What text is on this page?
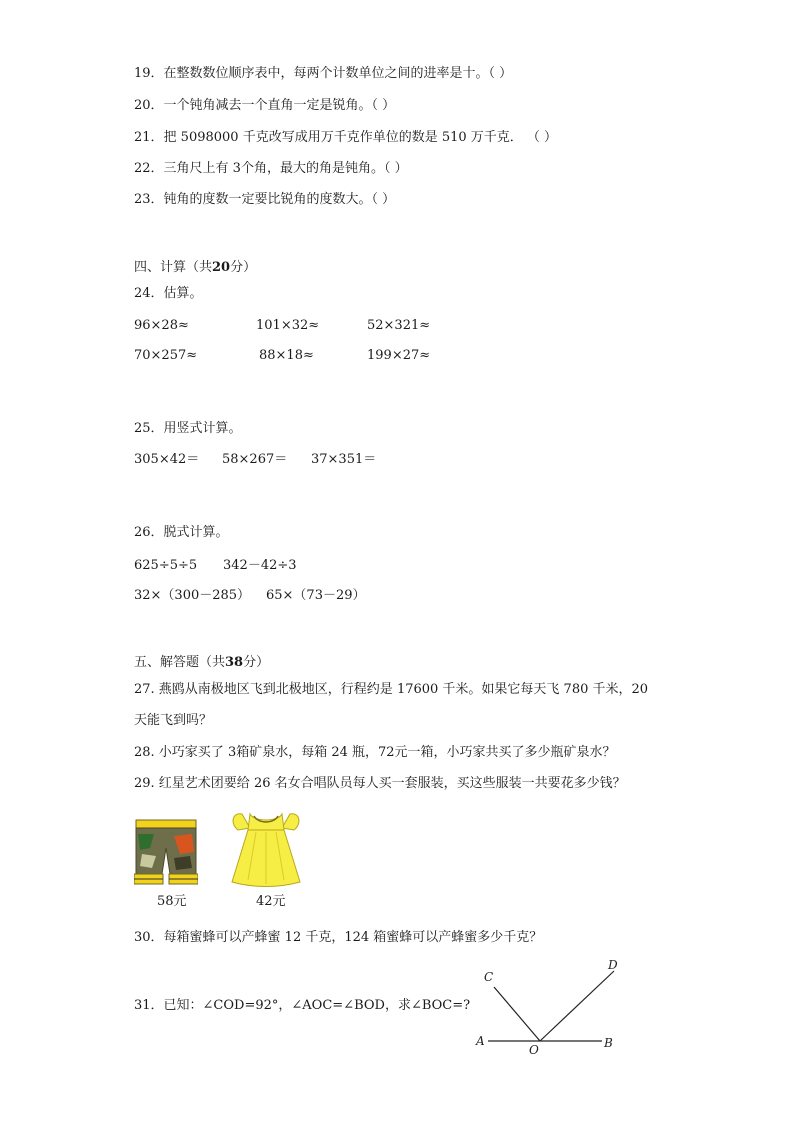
19．在整数数位顺序表中，每两个计数单位之间的进率是十。（ ）
20．一个钝角减去一个直角一定是锐角。（ ）
21．把 5098000 千克改写成用万千克作单位的数是 510 万千克． （ ）
22．三角尺上有 3个角，最大的角是钝角。（ ）
23．钝角的度数一定要比锐角的度数大。（ ）
四、计算（共20分）
24．估算。
96×28≈	101×32≈	52×321≈
70×257≈	88×18≈	199×27≈
25．用竖式计算。
305×42＝ 58×267＝ 37×351＝
26．脱式计算。
625÷5÷5 342－42÷3
32×（300－285） 65×（73－29）
五、解答题（共38分）
27. 燕鸥从南极地区飞到北极地区，行程约是 17600 千米。如果它每天飞 780 千米，20
天能飞到吗？
28. 小巧家买了 3箱矿泉水，每箱 24 瓶，72元一箱，小巧家共买了多少瓶矿泉水？
29. 红星艺术团要给 26 名女合唱队员每人买一套服装，买这些服装一共要花多少钱？
58元	42元
30．每箱蜜蜂可以产蜂蜜 12 千克，124 箱蜜蜂可以产蜂蜜多少千克？
31．已知：∠COD=92°，∠AOC=∠BOD，求∠BOC=?
A	B
C
D
O
